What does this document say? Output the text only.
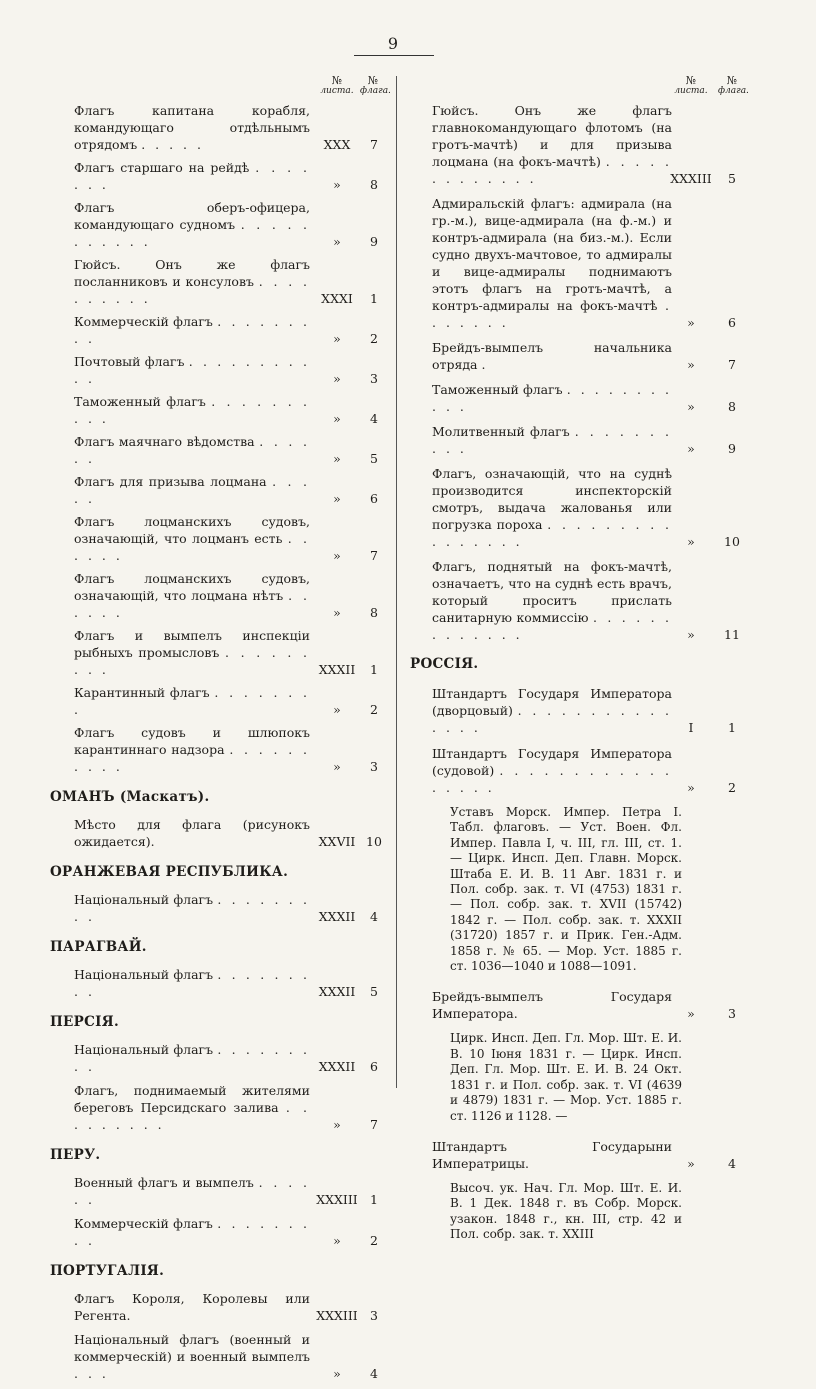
9
№
листа.
№
флага.
Флагъ капитана корабля, командующаго отдѣльнымъ отрядомъ . . . . .	XXX	7
Флагъ старшаго на рейдѣ . . . . . . .	»	8
Флагъ оберъ-офицера, командующаго судномъ . . . . . . . . . . .	»	9
Гюйсъ. Онъ же флагъ посланниковъ и консуловъ . . . . . . . . . .	XXXI	1
Коммерческій флагъ . . . . . . . . .	»	2
Почтовый флагъ . . . . . . . . . . .	»	3
Таможенный флагъ . . . . . . . . . .	»	4
Флагъ маячнаго вѣдомства . . . . . .	»	5
Флагъ для призыва лоцмана . . . . .	»	6
Флагъ лоцманскихъ судовъ, означающій, что лоцманъ есть . . . . . .	»	7
Флагъ лоцманскихъ судовъ, означающій, что лоцмана нѣтъ . . . . . .	»	8
Флагъ и вымпелъ инспекціи рыбныхъ промысловъ . . . . . . . . .	XXXII	1
Карантинный флагъ . . . . . . . .	»	2
Флагъ судовъ и шлюпокъ карантиннаго надзора . . . . . . . . . .	»	3
ОМАНЪ (Маскатъ).
Мѣсто для флага (рисунокъ ожидается).	XXVII 10
ОРАНЖЕВАЯ РЕСПУБЛИКА.
Національный флагъ . . . . . . . . .	XXXII	4
ПАРАГВАЙ.
Національный флагъ . . . . . . . . .	XXXII	5
ПЕРСІЯ.
Національный флагъ . . . . . . . . .	XXXII	6
Флагъ, поднимаемый жителями береговъ Персидскаго залива . . . . . . . . .	»	7
ПЕРУ.
Военный флагъ и вымпелъ . . . . . .	XXXIII 1
Коммерческій флагъ . . . . . . . . .	»	2
ПОРТУГАЛІЯ.
Флагъ Короля, Королевы или Регента.	XXXIII 3
Національный флагъ (военный и коммерческій) и военный вымпелъ . . .	»	4
№
листа.
№
флага.
Гюйсъ. Онъ же флагъ главнокомандующаго флотомъ (на гротъ-мачтѣ) и для призыва лоцмана (на фокъ-мачтѣ) . . . . . . . . . . . . .	XXXIII	5
Адмиральскій флагъ: адмирала (на гр.-м.), вице-адмирала (на ф.-м.) и контръ-адмирала (на биз.-м.). Если судно двухъ-мачтовое, то адмиралы и вице-адмиралы поднимаютъ этотъ флагъ на гротъ-мачтѣ, а контръ-адмиралы на фокъ-мачтѣ . . . . . . .	»	6
Брейдъ-вымпелъ начальника отряда .	»	7
Таможенный флагъ . . . . . . . . . . .	»	8
Молитвенный флагъ . . . . . . . . . .	»	9
Флагъ, означающій, что на суднѣ производится инспекторскій смотръ, выдача жалованья или погрузка пороха . . . . . . . . . . . . . . . .	»	10
Флагъ, поднятый на фокъ-мачтѣ, означаетъ, что на суднѣ есть врачъ, который проситъ прислать санитарную коммиссію . . . . . . . . . . . . .	»	11
РОССІЯ.
Штандартъ Государя Императора (дворцовый) . . . . . . . . . . . . . . .	I	1
Штандартъ Государя Императора (судовой) . . . . . . . . . . . . . . . . .	»	2
Уставъ Морск. Импер. Петра I. Табл. флаговъ. — Уст. Воен. Фл. Импер. Павла I, ч. III, гл. III, ст. 1. — Цирк. Инсп. Деп. Главн. Морск. Штаба Е. И. В. 11 Авг. 1831 г. и Пол. собр. зак. т. VI (4753) 1831 г. — Пол. собр. зак. т. XVII (15742) 1842 г. — Пол. собр. зак. т. XXXII (31720) 1857 г. и Прик. Ген.-Адм. 1858 г. № 65. — Мор. Уст. 1885 г. ст. 1036—1040 и 1088—1091.
Брейдъ-вымпелъ Государя Императора.	»	3
Цирк. Инсп. Деп. Гл. Мор. Шт. Е. И. В. 10 Іюня 1831 г. — Цирк. Инсп. Деп. Гл. Мор. Шт. Е. И. В. 24 Окт. 1831 г. и Пол. собр. зак. т. VI (4639 и 4879) 1831 г. — Мор. Уст. 1885 г. ст. 1126 и 1128. —
Штандартъ Государыни Императрицы.	»	4
Высоч. ук. Нач. Гл. Мор. Шт. Е. И. В. 1 Дек. 1848 г. въ Собр. Морск. узакон. 1848 г., кн. III, стр. 42 и Пол. собр. зак. т. XXIII
